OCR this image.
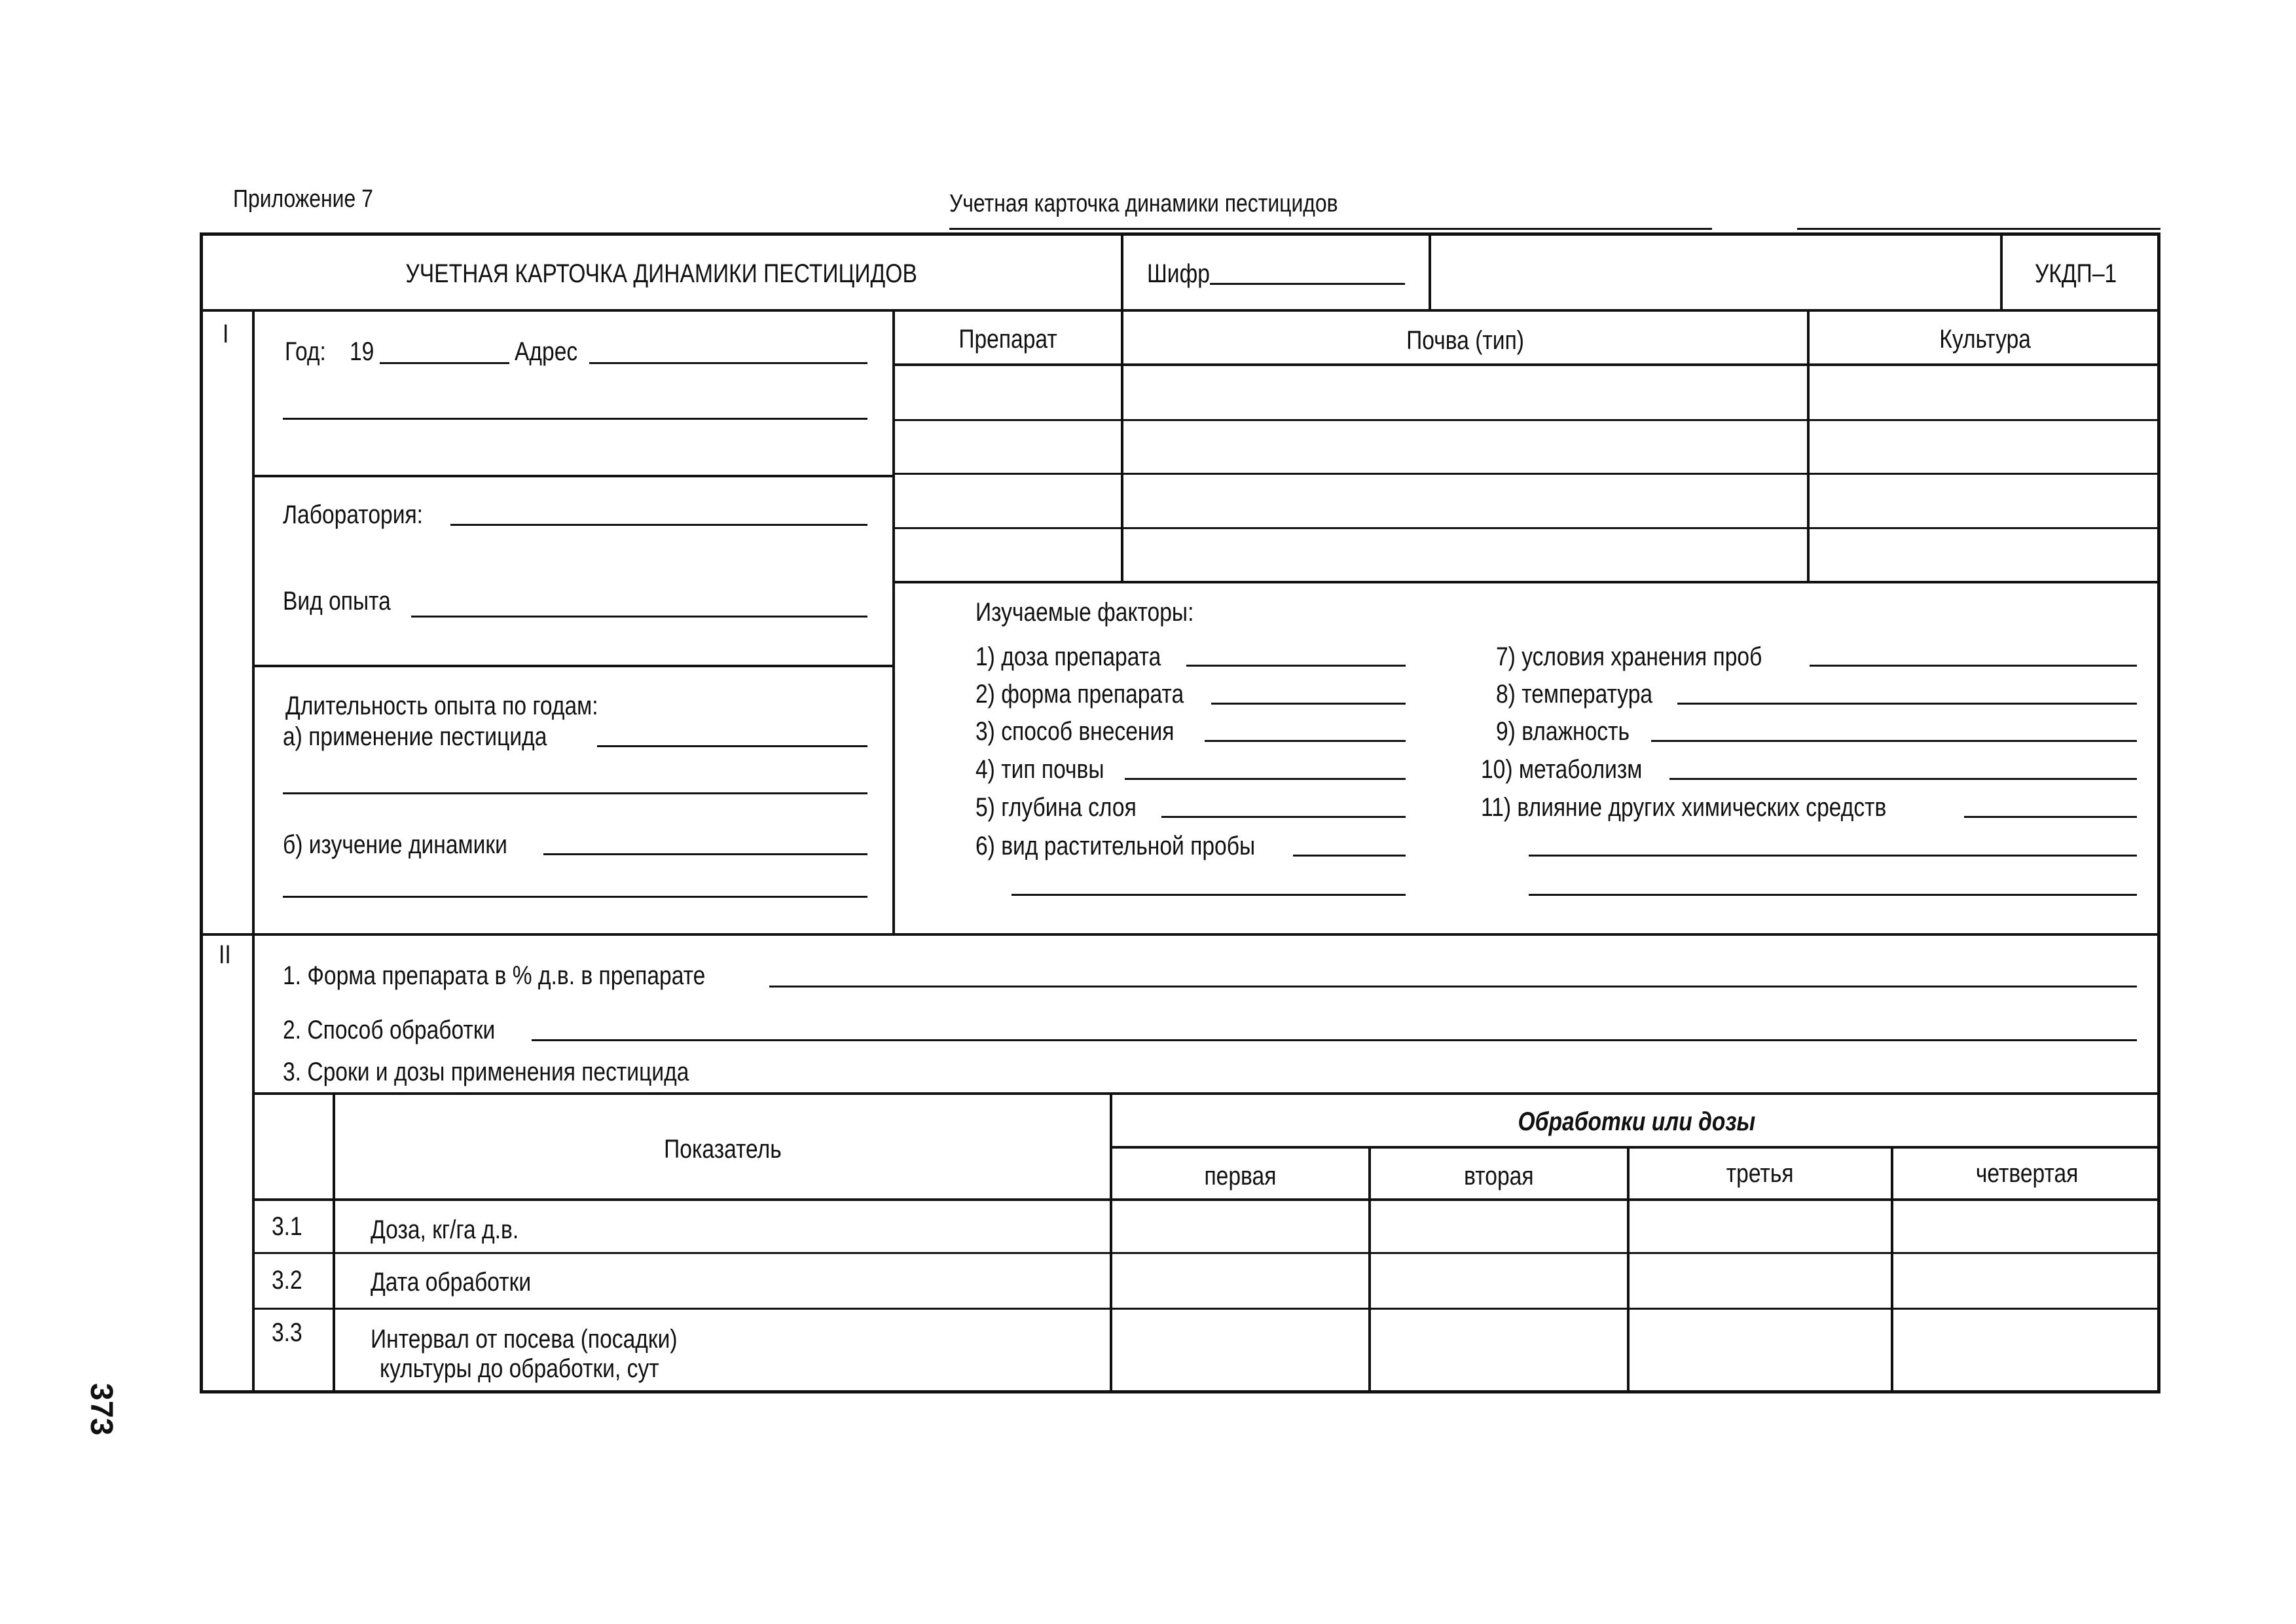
Приложение 7	Учетная карточка динамики пестицидов
УЧЕТНАЯ КАРТОЧКА ДИНАМИКИ ПЕСТИЦИДОВ	Шифр	УКДП–1
I
II
Год: 19	Адрес
Лаборатория:
Вид опыта
Длительность опыта по годам:
а) применение пестицида
б) изучение динамики
Препарат	Почва (тип)	Культура
Изучаемые факторы:
1) доза препарата
2) форма препарата
3) способ внесения
4) тип почвы
5) глубина слоя
6) вид растительной пробы
7) условия хранения проб
8) температура
9) влажность
10) метаболизм
11) влияние других химических средств
1. Форма препарата в % д.в. в препарате
2. Способ обработки
3. Сроки и дозы применения пестицида
Показатель
Обработки или дозы
первая	вторая	третья	четвертая
3.1	Доза, кг/га д.в.
3.2	Дата обработки
3.3	Интервал от посева (посадки)
культуры до обработки, сут
373
